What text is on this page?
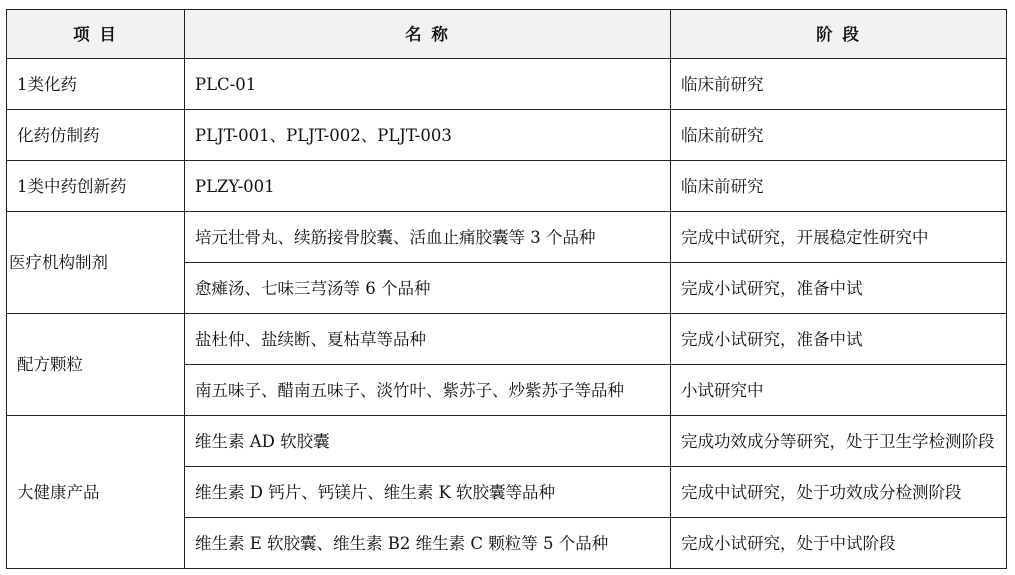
项 目	名 称	阶 段
1类化药	PLC-01	临床前研究
化药仿制药	PLJT-001、PLJT-002、PLJT-003	临床前研究
1类中药创新药	PLZY-001	临床前研究
医疗机构制剂	培元壮骨丸、续筋接骨胶囊、活血止痛胶囊等 3 个品种	完成中试研究，开展稳定性研究中
	愈瘫汤、七味三芎汤等 6 个品种	完成小试研究，准备中试
配方颗粒	盐杜仲、盐续断、夏枯草等品种	完成小试研究，准备中试
	南五味子、醋南五味子、淡竹叶、紫苏子、炒紫苏子等品种	小试研究中
大健康产品	维生素 AD 软胶囊	完成功效成分等研究，处于卫生学检测阶段
	维生素 D 钙片、钙镁片、维生素 K 软胶囊等品种	完成中试研究，处于功效成分检测阶段
	维生素 E 软胶囊、维生素 B2 维生素 C 颗粒等 5 个品种	完成小试研究，处于中试阶段
